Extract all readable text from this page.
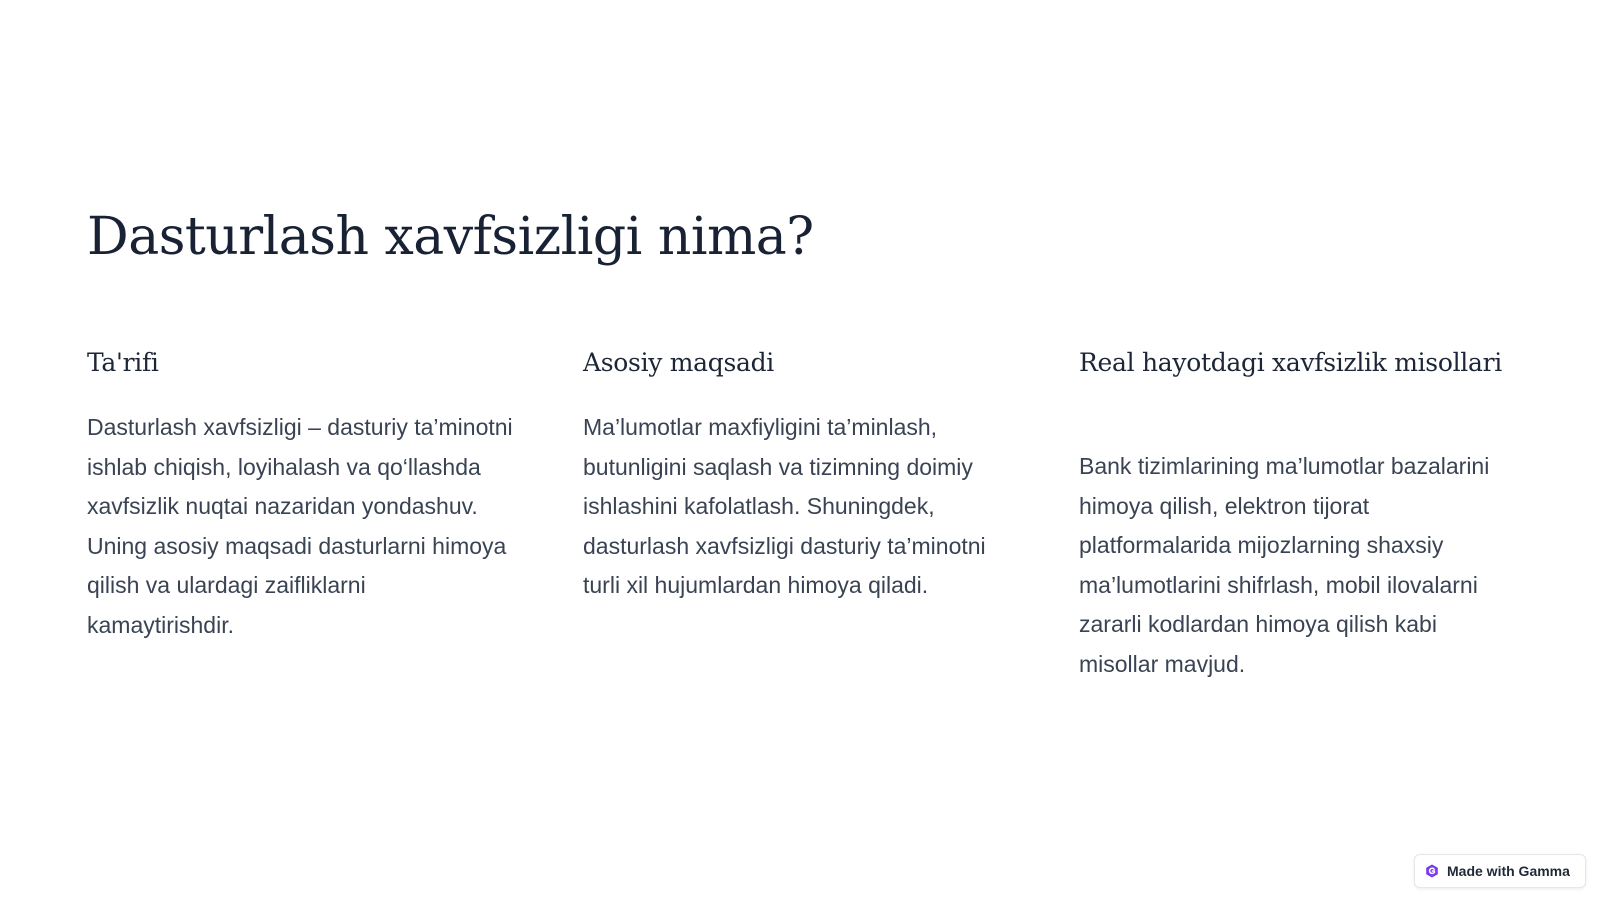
Dasturlash xavfsizligi nima?
Ta'rifi

Dasturlash xavfsizligi – dasturiy ta’minotni ishlab chiqish, loyihalash va qo‘llashda xavfsizlik nuqtai nazaridan yondashuv. Uning asosiy maqsadi dasturlarni himoya qilish va ulardagi zaifliklarni kamaytirishdir.

Asosiy maqsadi

Ma’lumotlar maxfiyligini ta’minlash, butunligini saqlash va tizimning doimiy ishlashini kafolatlash. Shuningdek, dasturlash xavfsizligi dasturiy ta’minotni turli xil hujumlardan himoya qiladi.

Real hayotdagi xavfsizlik misollari

Bank tizimlarining ma’lumotlar bazalarini himoya qilish, elektron tijorat platformalarida mijozlarning shaxsiy ma’lumotlarini shifrlash, mobil ilovalarni zararli kodlardan himoya qilish kabi misollar mavjud.

Made with Gamma
